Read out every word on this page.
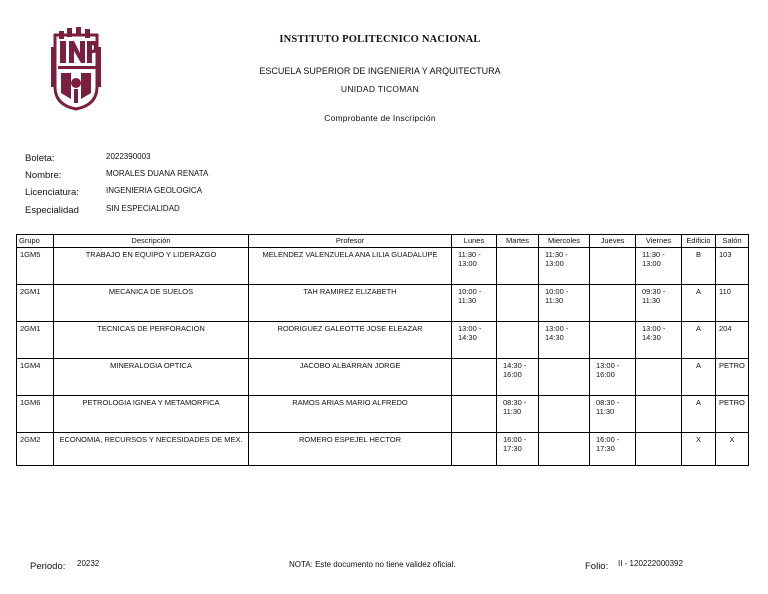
INSTITUTO POLITECNICO NACIONAL
ESCUELA SUPERIOR DE INGENIERIA Y ARQUITECTURA
UNIDAD TICOMAN
Comprobante de Inscripción
Boleta:	2022390003
Nombre:	MORALES DUANA RENATA
Licenciatura:	INGENIERIA GEOLOGICA
Especialidad	SIN ESPECIALIDAD
Grupo	Descripción	Profesor	Lunes	Martes	Miercoles	Jueves	Viernes	Edificio	Salón
1GM5	TRABAJO EN EQUIPO Y LIDERAZGO	MELENDEZ VALENZUELA ANA LILIA GUADALUPE	11:30 - 13:00		11:30 - 13:00		11:30 - 13:00	B	103
2GM1	MECANICA DE SUELOS	TAH RAMIREZ ELIZABETH	10:00 - 11:30		10:00 - 11:30		09:30 - 11:30	A	110
2GM1	TECNICAS DE PERFORACION	RODRIGUEZ GALEOTTE JOSE ELEAZAR	13:00 - 14:30		13:00 - 14:30		13:00 - 14:30	A	204
1GM4	MINERALOGIA OPTICA	JACOBO ALBARRAN JORGE		14:30 - 16:00		13:00 - 16:00		A	PETRO
1GM6	PETROLOGIA IGNEA Y METAMORFICA	RAMOS ARIAS MARIO ALFREDO		08:30 - 11:30		08:30 - 11:30		A	PETRO
2GM2	ECONOMIA, RECURSOS Y NECESIDADES DE MEX.	ROMERO ESPEJEL HECTOR		16:00 - 17:30		16:00 - 17:30		X	X
Periodo: 20232	NOTA: Este documento no tiene validez oficial.	Folio: II - 120222000392
